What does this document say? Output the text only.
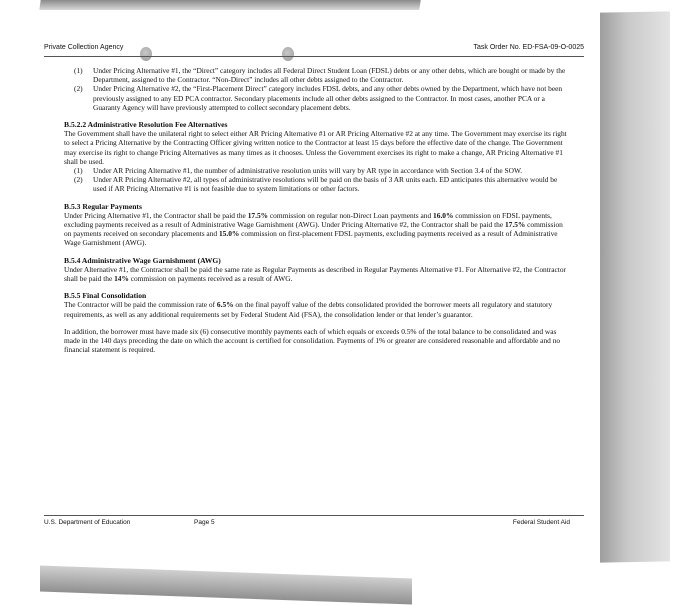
Private Collection Agency	Task Order No. ED-FSA-09-O-0025
(1) Under Pricing Alternative #1, the “Direct” category includes all Federal Direct Student Loan (FDSL) debts or any other debts, which are bought or made by the Department, assigned to the Contractor. “Non-Direct” includes all other debts assigned to the Contractor.
(2) Under Pricing Alternative #2, the “First-Placement Direct” category includes FDSL debts, and any other debts owned by the Department, which have not been previously assigned to any ED PCA contractor. Secondary placements include all other debts assigned to the Contractor. In most cases, another PCA or a Guaranty Agency will have previously attempted to collect secondary placement debts.
B.5.2.2 Administrative Resolution Fee Alternatives

The Government shall have the unilateral right to select either AR Pricing Alternative #1 or AR Pricing Alternative #2 at any time. The Government may exercise its right to select a Pricing Alternative by the Contracting Officer giving written notice to the Contractor at least 15 days before the effective date of the change. The Government may exercise its right to change Pricing Alternatives as many times as it chooses. Unless the Government exercises its right to make a change, AR Pricing Alternative #1 shall be used.

(1) Under AR Pricing Alternative #1, the number of administrative resolution units will vary by AR type in accordance with Section 3.4 of the SOW.
(2) Under AR Pricing Alternative #2, all types of administrative resolutions will be paid on the basis of 3 AR units each. ED anticipates this alternative would be used if AR Pricing Alternative #1 is not feasible due to system limitations or other factors.
B.5.3 Regular Payments

Under Pricing Alternative #1, the Contractor shall be paid the 17.5% commission on regular non-Direct Loan payments and 16.0% commission on FDSL payments, excluding payments received as a result of Administrative Wage Garnishment (AWG). Under Pricing Alternative #2, the Contractor shall be paid the 17.5% commission on payments received on secondary placements and 15.0% commission on first-placement FDSL payments, excluding payments received as a result of Administrative Wage Garnishment (AWG).

B.5.4 Administrative Wage Garnishment (AWG)

Under Alternative #1, the Contractor shall be paid the same rate as Regular Payments as described in Regular Payments Alternative #1. For Alternative #2, the Contractor shall be paid the 14% commission on payments received as a result of AWG.

B.5.5 Final Consolidation

The Contractor will be paid the commission rate of 6.5% on the final payoff value of the debts consolidated provided the borrower meets all regulatory and statutory requirements, as well as any additional requirements set by Federal Student Aid (FSA), the consolidation lender or that lender’s guarantor.

In addition, the borrower must have made six (6) consecutive monthly payments each of which equals or exceeds 0.5% of the total balance to be consolidated and was made in the 140 days preceding the date on which the account is certified for consolidation. Payments of 1% or greater are considered reasonable and affordable and no financial statement is required.

U.S. Department of Education	Page 5	Federal Student Aid
